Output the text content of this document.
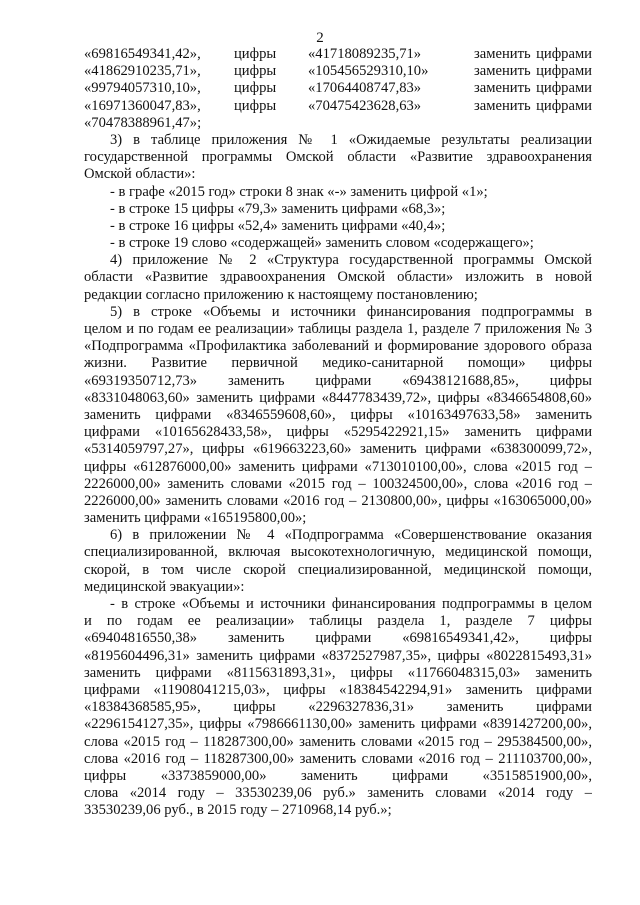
2
«69816549341,42»,	цифры	«41718089235,71»	заменить цифрами
«41862910235,71»,	цифры	«105456529310,10»	заменить цифрами
«99794057310,10»,	цифры	«17064408747,83»	заменить цифрами
«16971360047,83»,	цифры	«70475423628,63»	заменить цифрами
«70478388961,47»;
3) в таблице приложения № 1 «Ожидаемые результаты реализации
государственной программы Омской области «Развитие здравоохранения
Омской области»:
- в графе «2015 год» строки 8 знак «-» заменить цифрой «1»;
- в строке 15 цифры «79,3» заменить цифрами «68,3»;
- в строке 16 цифры «52,4» заменить цифрами «40,4»;
- в строке 19 слово «содержащей» заменить словом «содержащего»;
4) приложение № 2 «Структура государственной программы Омской
области «Развитие здравоохранения Омской области» изложить в новой
редакции согласно приложению к настоящему постановлению;
5) в строке «Объемы и источники финансирования подпрограммы в
целом и по годам ее реализации» таблицы раздела 1, разделе 7 приложения № 3
«Подпрограмма «Профилактика заболеваний и формирование здорового образа
жизни. Развитие первичной медико-санитарной помощи» цифры
«69319350712,73» заменить цифрами «69438121688,85», цифры
«8331048063,60» заменить цифрами «8447783439,72», цифры «8346654808,60»
заменить цифрами «8346559608,60», цифры «10163497633,58» заменить
цифрами «10165628433,58», цифры «5295422921,15» заменить цифрами
«5314059797,27», цифры «619663223,60» заменить цифрами «638300099,72»,
цифры «612876000,00» заменить цифрами «713010100,00», слова «2015 год –
2226000,00» заменить словами «2015 год – 100324500,00», слова «2016 год –
2226000,00» заменить словами «2016 год – 2130800,00», цифры «163065000,00»
заменить цифрами «165195800,00»;
6) в приложении № 4 «Подпрограмма «Совершенствование оказания
специализированной, включая высокотехнологичную, медицинской помощи,
скорой, в том числе скорой специализированной, медицинской помощи,
медицинской эвакуации»:
- в строке «Объемы и источники финансирования подпрограммы в целом
и по годам ее реализации» таблицы раздела 1, разделе 7 цифры
«69404816550,38» заменить цифрами «69816549341,42», цифры
«8195604496,31» заменить цифрами «8372527987,35», цифры «8022815493,31»
заменить цифрами «8115631893,31», цифры «11766048315,03» заменить
цифрами «11908041215,03», цифры «18384542294,91» заменить цифрами
«18384368585,95», цифры «2296327836,31» заменить цифрами
«2296154127,35», цифры «7986661130,00» заменить цифрами «8391427200,00»,
слова «2015 год – 118287300,00» заменить словами «2015 год – 295384500,00»,
слова «2016 год – 118287300,00» заменить словами «2016 год – 211103700,00»,
цифры «3373859000,00» заменить цифрами «3515851900,00»,
слова «2014 году – 33530239,06 руб.» заменить словами «2014 году –
33530239,06 руб., в 2015 году – 2710968,14 руб.»;
